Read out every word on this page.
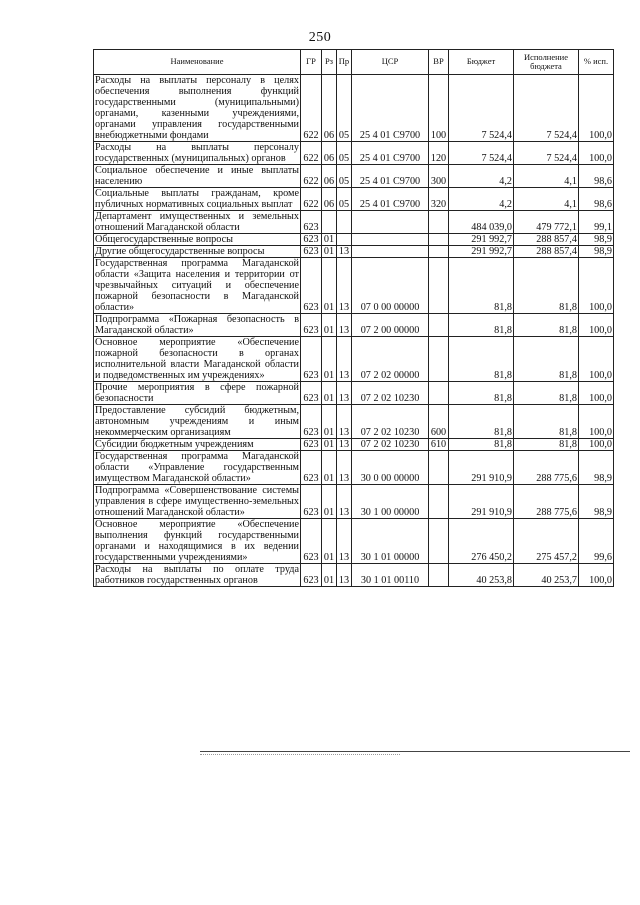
250
Наименование	ГР	Рз	Пр	ЦСР	ВР	Бюджет	Исполнение бюджета	% исп.
Расходы на выплаты персоналу в целях обеспечения выполнения функций государственными (муниципальными) органами, казенными учреждениями, органами управления государственными внебюджетными фондами	622	06	05	25 4 01 С9700	100	7 524,4	7 524,4	100,0
Расходы на выплаты персоналу государственных (муниципальных) органов	622	06	05	25 4 01 С9700	120	7 524,4	7 524,4	100,0
Социальное обеспечение и иные выплаты населению	622	06	05	25 4 01 С9700	300	4,2	4,1	98,6
Социальные выплаты гражданам, кроме публичных нормативных социальных выплат	622	06	05	25 4 01 С9700	320	4,2	4,1	98,6
Департамент имущественных и земельных отношений Магаданской области	623					484 039,0	479 772,1	99,1
Общегосударственные вопросы	623	01				291 992,7	288 857,4	98,9
Другие общегосударственные вопросы	623	01	13			291 992,7	288 857,4	98,9
Государственная программа Магаданской области «Защита населения и территории от чрезвычайных ситуаций и обеспечение пожарной безопасности в Магаданской области»	623	01	13	07 0 00 00000		81,8	81,8	100,0
Подпрограмма «Пожарная безопасность в Магаданской области»	623	01	13	07 2 00 00000		81,8	81,8	100,0
Основное мероприятие «Обеспечение пожарной безопасности в органах исполнительной власти Магаданской области и подведомственных им учреждениях»	623	01	13	07 2 02 00000		81,8	81,8	100,0
Прочие мероприятия в сфере пожарной безопасности	623	01	13	07 2 02 10230		81,8	81,8	100,0
Предоставление субсидий бюджетным, автономным учреждениям и иным некоммерческим организациям	623	01	13	07 2 02 10230	600	81,8	81,8	100,0
Субсидии бюджетным учреждениям	623	01	13	07 2 02 10230	610	81,8	81,8	100,0
Государственная программа Магаданской области «Управление государственным имуществом Магаданской области»	623	01	13	30 0 00 00000		291 910,9	288 775,6	98,9
Подпрограмма «Совершенствование системы управления в сфере имущественно-земельных отношений Магаданской области»	623	01	13	30 1 00 00000		291 910,9	288 775,6	98,9
Основное мероприятие «Обеспечение выполнения функций государственными органами и находящимися в их ведении государственными учреждениями»	623	01	13	30 1 01 00000		276 450,2	275 457,2	99,6
Расходы на выплаты по оплате труда работников государственных органов	623	01	13	30 1 01 00110		40 253,8	40 253,7	100,0
